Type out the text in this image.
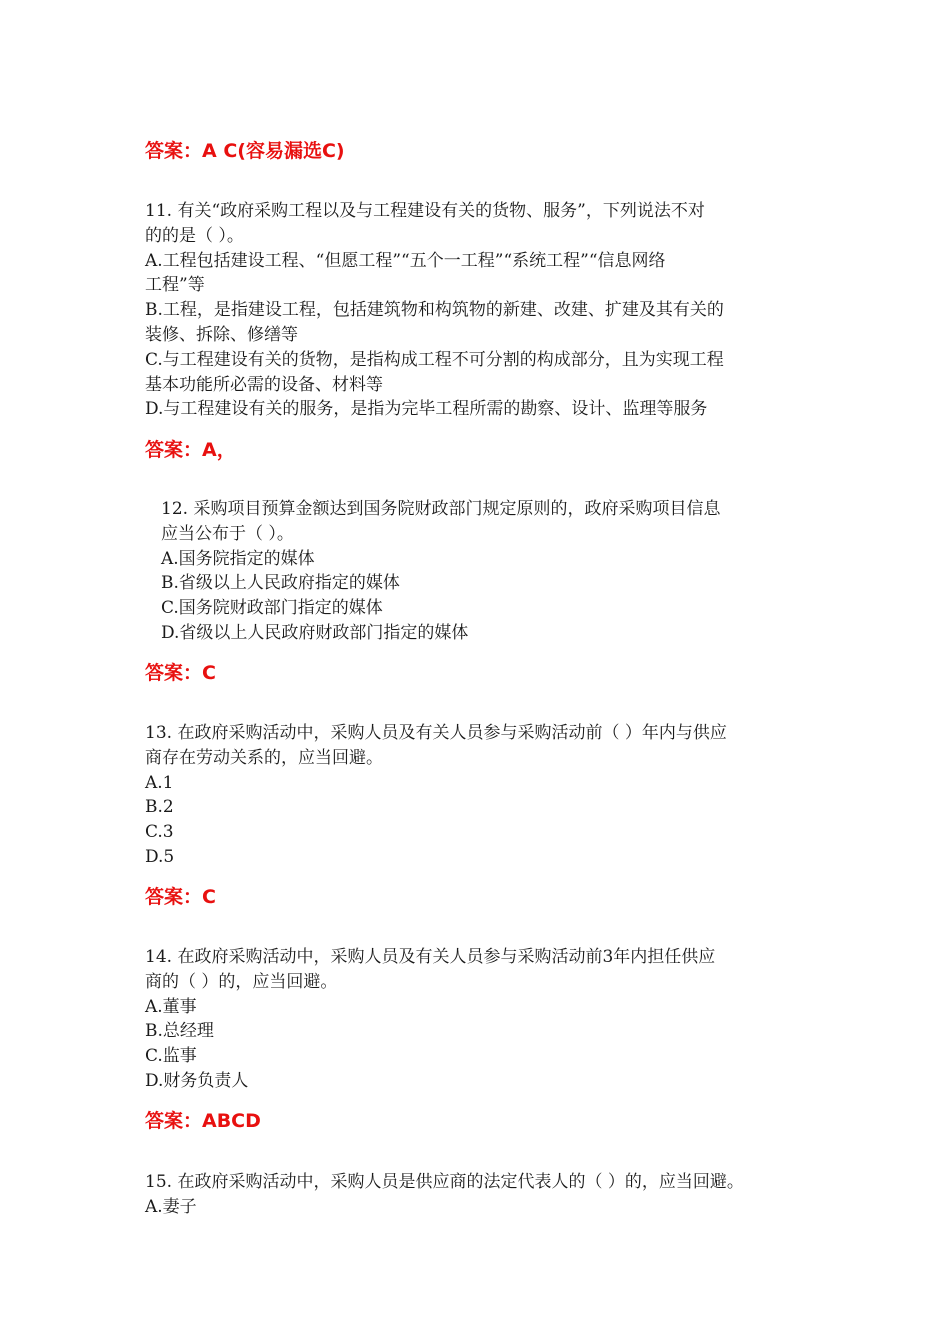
答案：A C(容易漏选C)

11. 有关“政府采购工程以及与工程建设有关的货物、服务”，下列说法不对

的的是（ ）。

A.工程包括建设工程、“但愿工程”“五个一工程”“系统工程”“信息网络

工程”等

B.工程，是指建设工程，包括建筑物和构筑物的新建、改建、扩建及其有关的

装修、拆除、修缮等

C.与工程建设有关的货物，是指构成工程不可分割的构成部分，且为实现工程

基本功能所必需的设备、材料等

D.与工程建设有关的服务，是指为完毕工程所需的勘察、设计、监理等服务

答案：A，

12. 采购项目预算金额达到国务院财政部门规定原则的，政府采购项目信息

应当公布于（ ）。

A.国务院指定的媒体

B.省级以上人民政府指定的媒体

C.国务院财政部门指定的媒体

D.省级以上人民政府财政部门指定的媒体

答案：C

13. 在政府采购活动中，采购人员及有关人员参与采购活动前（ ）年内与供应

商存在劳动关系的，应当回避。

A.1

B.2

C.3

D.5

答案：C

14. 在政府采购活动中，采购人员及有关人员参与采购活动前3年内担任供应

商的（ ）的，应当回避。

A.董事

B.总经理

C.监事

D.财务负责人

答案：ABCD

15. 在政府采购活动中，采购人员是供应商的法定代表人的（ ）的，应当回避。

A.妻子
